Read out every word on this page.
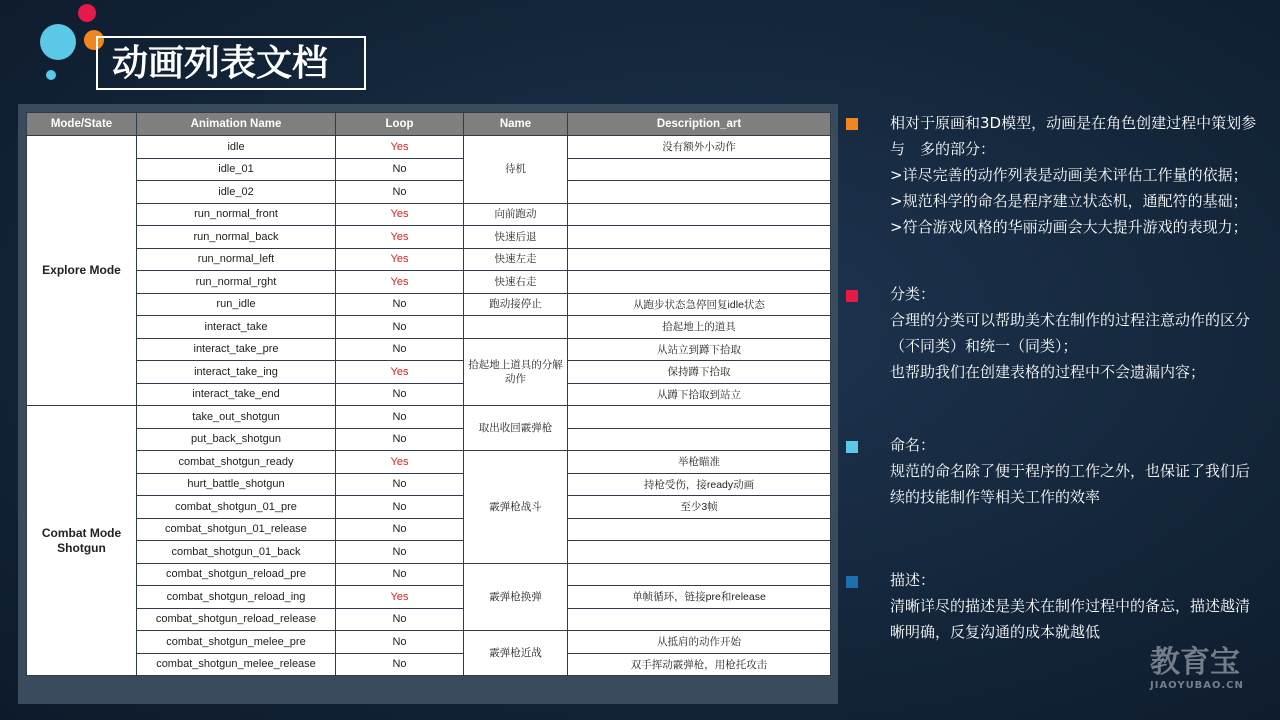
动画列表文档
Mode/State	Animation Name	Loop	Name	Description_art
Explore Mode	idle	Yes	待机	没有额外小动作
	idle_01	No		
	idle_02	No		
	run_normal_front	Yes	向前跑动	
	run_normal_back	Yes	快速后退	
	run_normal_left	Yes	快速左走	
	run_normal_rght	Yes	快速右走	
	run_idle	No	跑动接停止	从跑步状态急停回复idle状态
	interact_take	No		拾起地上的道具
	interact_take_pre	No	拾起地上道具的分解动作	从站立到蹲下拾取
	interact_take_ing	Yes		保持蹲下拾取
	interact_take_end	No		从蹲下拾取到站立
Combat Mode Shotgun	take_out_shotgun	No	取出收回霰弹枪	
	put_back_shotgun	No		
	combat_shotgun_ready	Yes	霰弹枪战斗	举枪瞄准
	hurt_battle_shotgun	No		持枪受伤，接ready动画
	combat_shotgun_01_pre	No		至少3帧
	combat_shotgun_01_release	No		
	combat_shotgun_01_back	No		
	combat_shotgun_reload_pre	No	霰弹枪换弹	
	combat_shotgun_reload_ing	Yes		单帧循环，链接pre和release
	combat_shotgun_reload_release	No		
	combat_shotgun_melee_pre	No	霰弹枪近战	从抵肩的动作开始
	combat_shotgun_melee_release	No		双手挥动霰弹枪，用枪托攻击

相对于原画和3D模型，动画是在角色创建过程中策划参与　多的部分：

>详尽完善的动作列表是动画美术评估工作量的依据；

>规范科学的命名是程序建立状态机，通配符的基础；

>符合游戏风格的华丽动画会大大提升游戏的表现力；

分类：

合理的分类可以帮助美术在制作的过程注意动作的区分（不同类）和统一（同类）；

也帮助我们在创建表格的过程中不会遗漏内容；

命名：

规范的命名除了便于程序的工作之外，也保证了我们后续的技能制作等相关工作的效率

描述：

清晰详尽的描述是美术在制作过程中的备忘，描述越清晰明确，反复沟通的成本就越低

教育宝
JIAOYUBAO.CN
